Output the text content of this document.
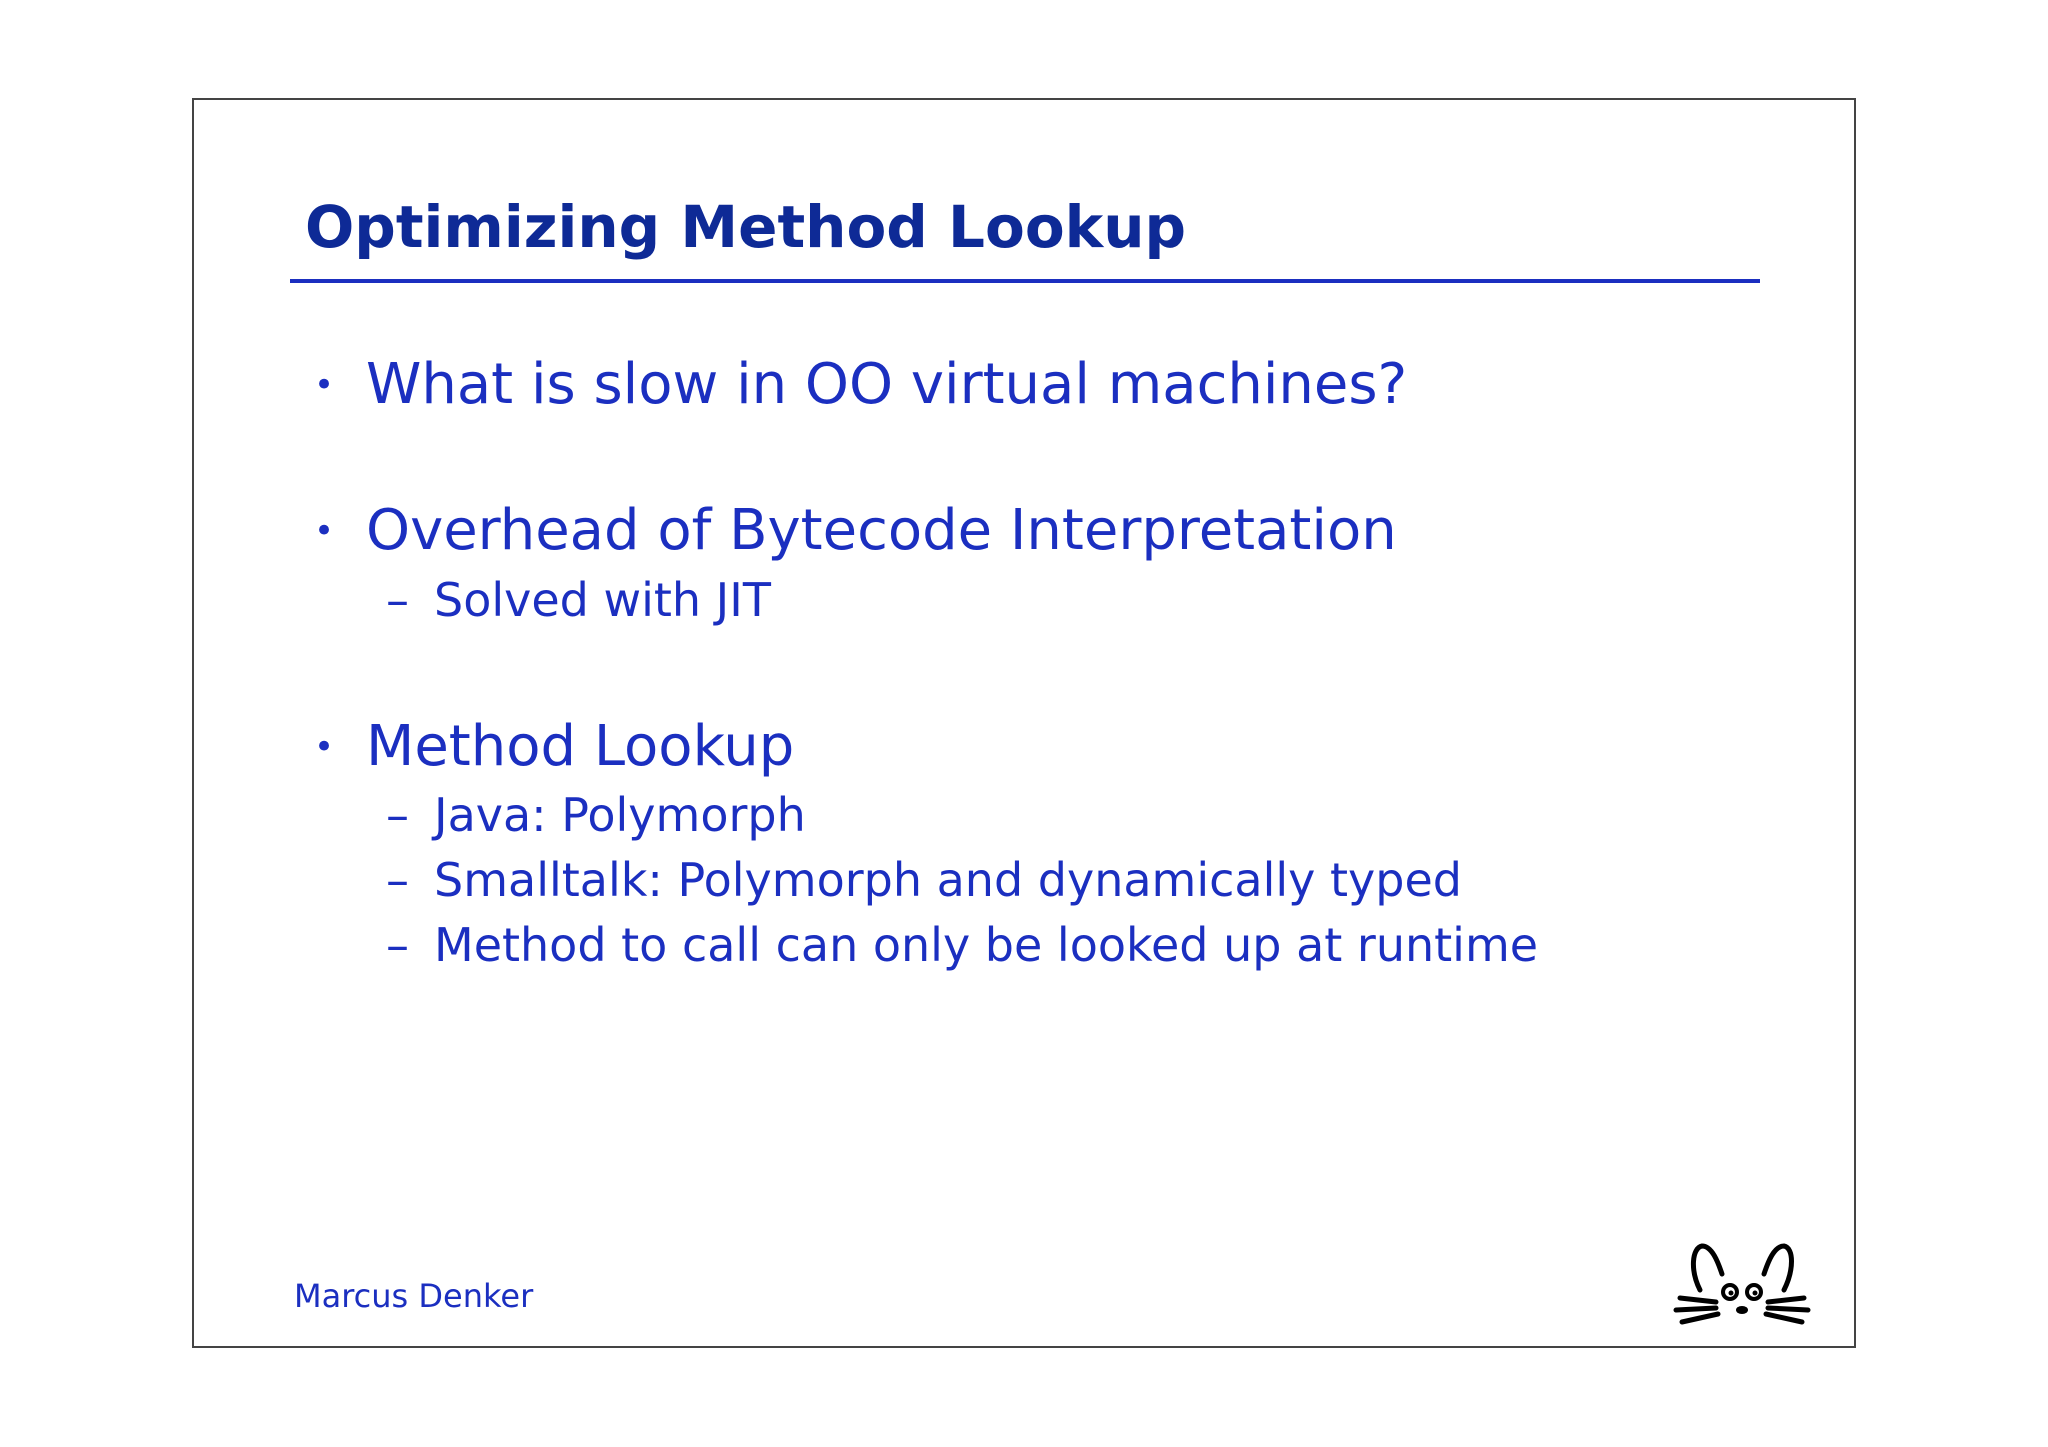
Optimizing Method Lookup
• What is slow in OO virtual machines?
• Overhead of Bytecode Interpretation
– Solved with JIT
• Method Lookup
– Java: Polymorph
– Smalltalk: Polymorph and dynamically typed
– Method to call can only be looked up at runtime
Marcus Denker
